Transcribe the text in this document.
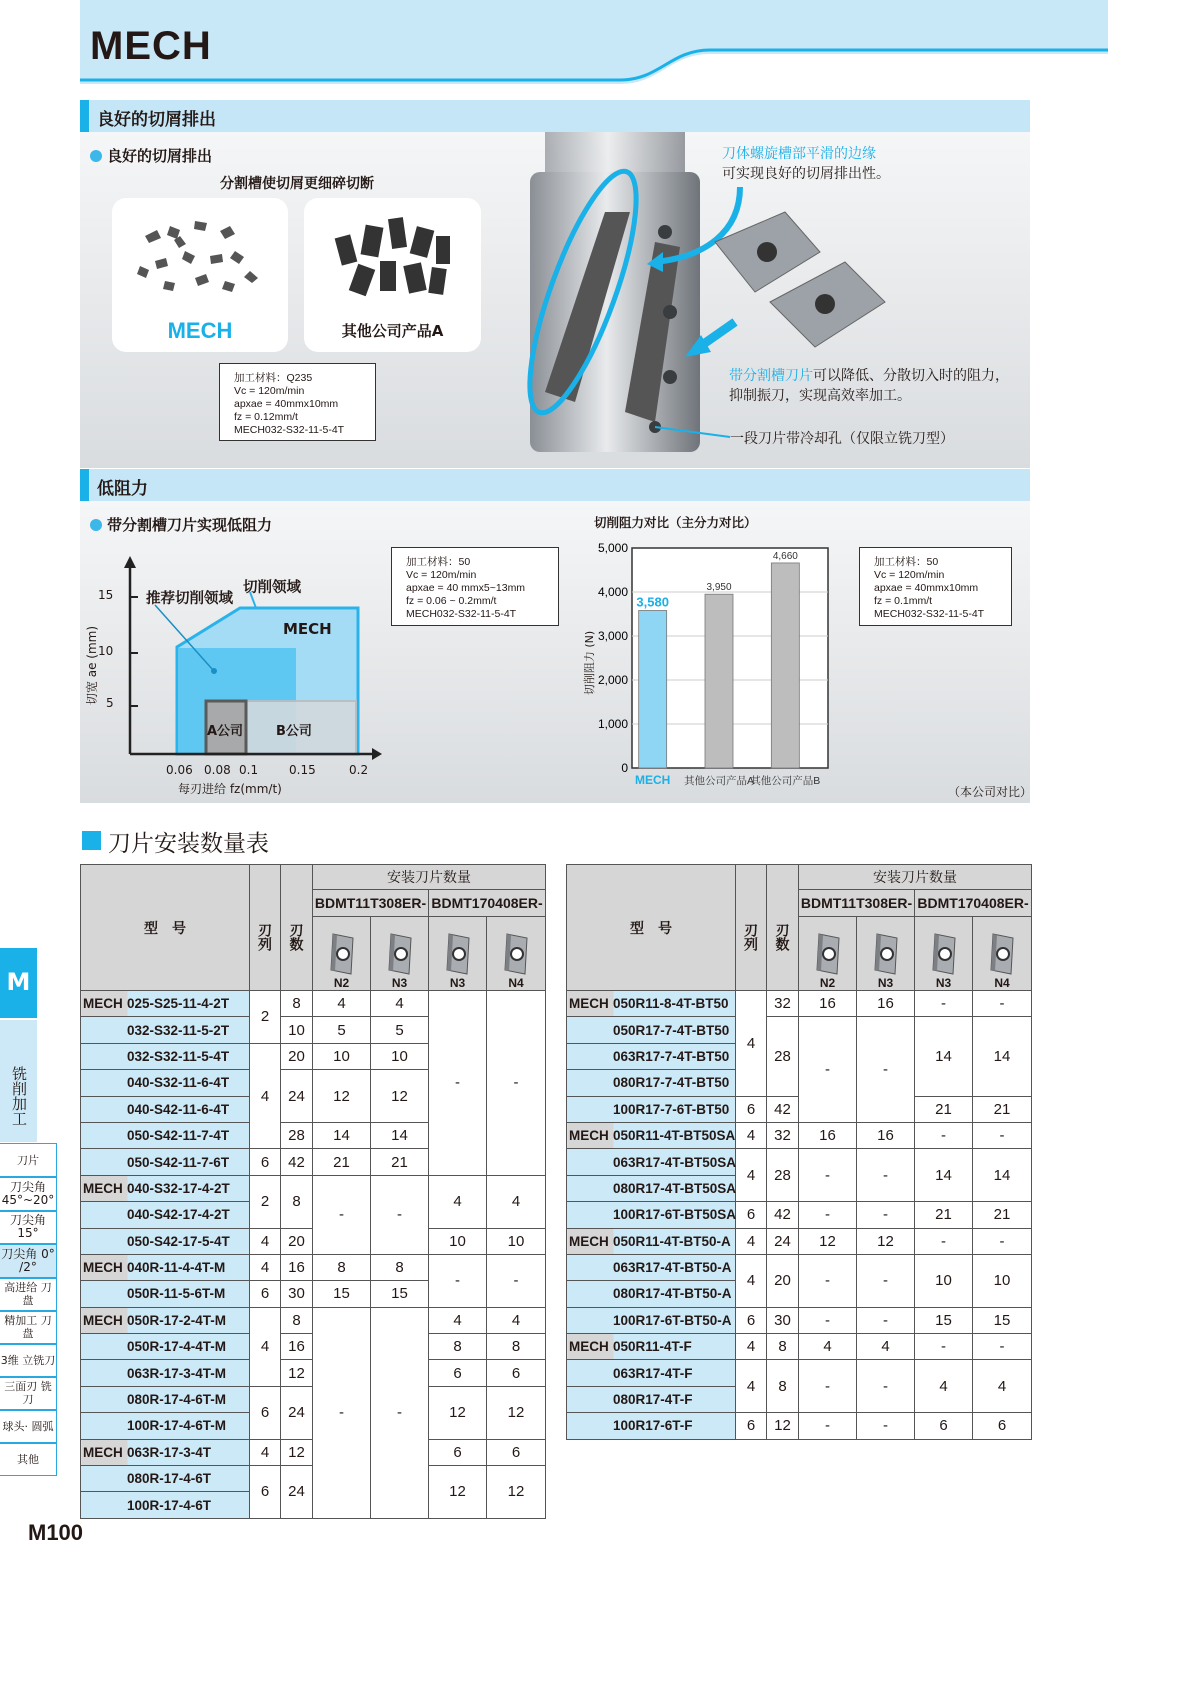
MECH
良好的切屑排出
良好的切屑排出
分割槽使切屑更细碎切断
MECH	其他公司产品A
加工材料：Q235
Vc = 120m/min
apxae = 40mmx10mm
fz = 0.12mm/t
MECH032-S32-11-5-4T
刀体螺旋槽部平滑的边缘
可实现良好的切屑排出性。
带分割槽刀片可以降低、分散切入时的阻力，
抑制振刀，实现高效率加工。
一段刀片带冷却孔（仅限立铣刀型）
低阻力
带分割槽刀片实现低阻力
5
10
15
0.06 0.08 0.1	0.15	0.2
每刃进给 fz(mm/t)
切宽 ae (mm)
推荐切削领域
切削领域
MECH
A公司	B公司
加工材料：50
Vc = 120m/min
apxae = 40 mmx5~13mm
fz = 0.06 ~ 0.2mm/t
MECH032-S32-11-5-4T
加工材料：50
Vc = 120m/min
apxae = 40mmx10mm
fz = 0.1mm/t
MECH032-S32-11-5-4T
切削阻力对比（主分力对比）
切削阻力 (N)
0
1,000
2,000
3,000
4,000
5,000
3,580
MECH
3,950
其他公司产品A
4,660
其他公司产品B
（本公司对比）
刀片安装数量表
型　号	刃列	刃数	安装刀片数量			
			BDMT11T308ER-		BDMT170408ER-	

N2	N3	N3	N4
MECH 025-S25-11-4-2T	2	8	4	4	-	-
032-S32-11-5-2T		10	5	5		
032-S32-11-5-4T	4	20	10	10		
040-S32-11-6-4T		24	12	12		
040-S42-11-6-4T						
050-S42-11-7-4T		28	14	14		
050-S42-11-7-6T	6	42	21	21		
MECH 040-S32-17-4-2T	2	8	-	-	4	4
040-S42-17-4-2T						
050-S42-17-5-4T	4	20			10	10
MECH 040R-11-4-4T-M	4	16	8	8	-	-
050R-11-5-6T-M	6	30	15	15		
MECH 050R-17-2-4T-M	4	8	-	-	4	4
050R-17-4-4T-M		16			8	8
063R-17-3-4T-M		12			6	6
080R-17-4-6T-M	6	24			12	12
100R-17-4-6T-M						
MECH 063R-17-3-4T	4	12			6	6
080R-17-4-6T	6	24			12	12
100R-17-4-6T						
型　号	刃列	刃数	安装刀片数量			
			BDMT11T308ER-		BDMT170408ER-	

N2	N3	N3	N4
MECH 050R11-8-4T-BT50	4	32	16	16	-	-
050R17-7-4T-BT50		28	-	-	14	14
063R17-7-4T-BT50						
080R17-7-4T-BT50						
100R17-7-6T-BT50	6	42			21	21
MECH 050R11-4T-BT50SA	4	32	16	16	-	-
063R17-4T-BT50SA	4	28	-	-	14	14
080R17-4T-BT50SA						
100R17-6T-BT50SA	6	42	-	-	21	21
MECH 050R11-4T-BT50-A	4	24	12	12	-	-
063R17-4T-BT50-A	4	20	-	-	10	10
080R17-4T-BT50-A						
100R17-6T-BT50-A	6	30	-	-	15	15
MECH 050R11-4T-F	4	8	4	4	-	-
063R17-4T-F	4	8	-	-	4	4
080R17-4T-F						
100R17-6T-F	6	12	-	-	6	6
M
铣削加工
刀片
刀尖角 45°~20°
刀尖角 15°
刀尖角 0° /2°
高进给 刀盘
精加工 刀盘
3维 立铣刀
三面刃 铣刀
球头· 圆弧
其他
M100
